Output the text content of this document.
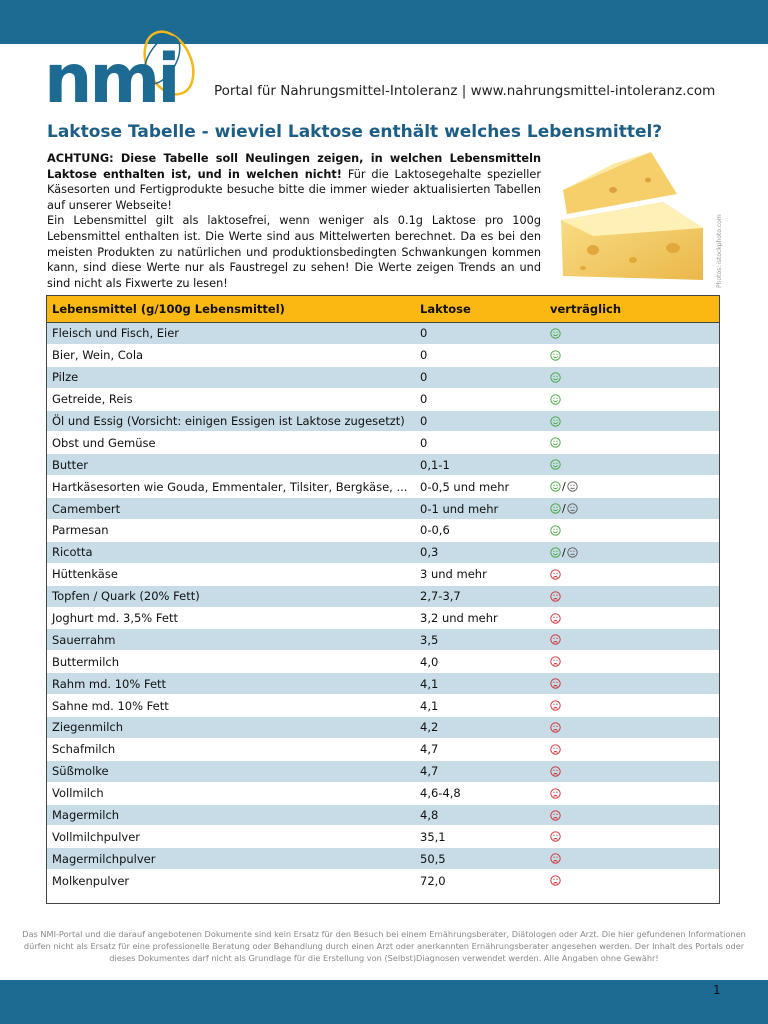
nmi	Portal für Nahrungsmittel-Intoleranz | www.nahrungsmittel-intoleranz.com
Laktose Tabelle - wieviel Laktose enthält welches Lebensmittel?
ACHTUNG: Diese Tabelle soll Neulingen zeigen, in welchen Lebensmitteln Laktose enthalten ist, und in welchen nicht! Für die Laktosegehalte spezieller Käsesorten und Fertigprodukte besuche bitte die immer wieder aktualisierten Tabellen auf unserer Webseite!
Ein Lebensmittel gilt als laktosefrei, wenn weniger als 0.1g Laktose pro 100g Lebensmittel enthalten ist. Die Werte sind aus Mittelwerten berechnet. Da es bei den meisten Produkten zu natürlichen und produktionsbedingten Schwankungen kommen kann, sind diese Werte nur als Faustregel zu sehen! Die Werte zeigen Trends an und sind nicht als Fixwerte zu lesen!	Photos: istockphoto.com
Lebensmittel (g/100g Lebensmittel)	Laktose	verträglich
Fleisch und Fisch, Eier	0
Bier, Wein, Cola	0
Pilze	0
Getreide, Reis	0
Öl und Essig (Vorsicht: einigen Essigen ist Laktose zugesetzt)	0
Obst und Gemüse	0
Butter	0,1-1
Hartkäsesorten wie Gouda, Emmentaler, Tilsiter, Bergkäse, ...	0-0,5 und mehr	/
Camembert	0-1 und mehr	/
Parmesan	0-0,6
Ricotta	0,3	/
Hüttenkäse	3 und mehr
Topfen / Quark (20% Fett)	2,7-3,7
Joghurt md. 3,5% Fett	3,2 und mehr
Sauerrahm	3,5
Buttermilch	4,0
Rahm md. 10% Fett	4,1
Sahne md. 10% Fett	4,1
Ziegenmilch	4,2
Schafmilch	4,7
Süßmolke	4,7
Vollmilch	4,6-4,8
Magermilch	4,8
Vollmilchpulver	35,1
Magermilchpulver	50,5
Molkenpulver	72,0
Das NMI-Portal und die darauf angebotenen Dokumente sind kein Ersatz für den Besuch bei einem Ernährungsberater, Diätologen oder Arzt. Die hier gefundenen Informationen dürfen nicht als Ersatz für eine professionelle Beratung oder Behandlung durch einen Arzt oder anerkannten Ernährungsberater angesehen werden. Der Inhalt des Portals oder dieses Dokumentes darf nicht als Grundlage für die Erstellung von (Selbst)Diagnosen verwendet werden. Alle Angaben ohne Gewähr!
1
